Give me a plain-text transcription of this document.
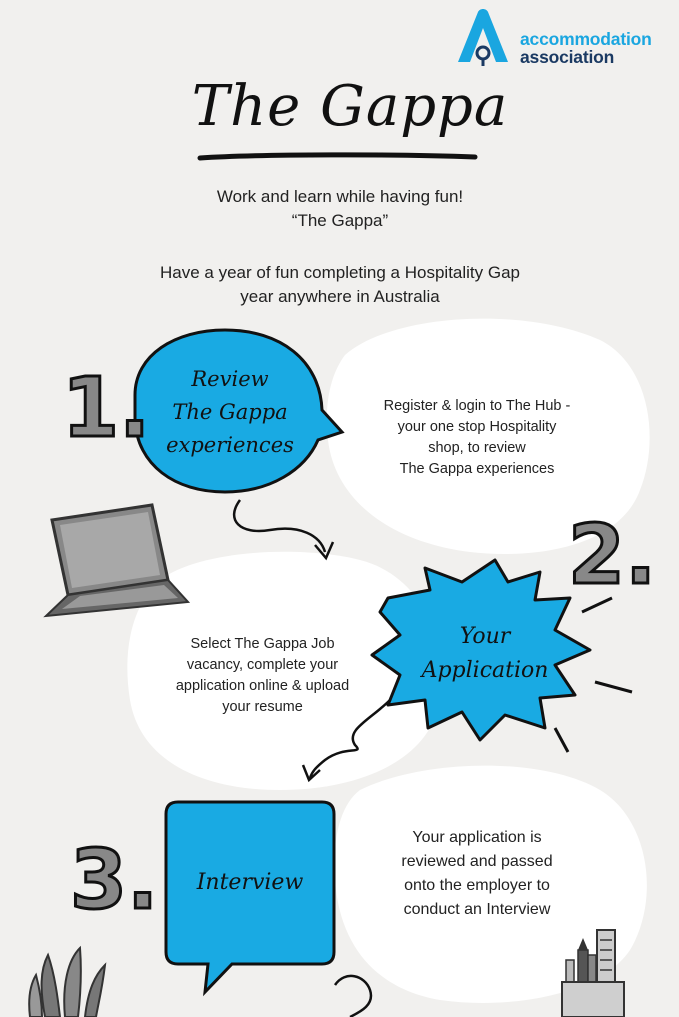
accommodation
association
The Gappa
Work and learn while having fun!
“The Gappa”
Have a year of fun completing a Hospitality Gap
year anywhere in Australia
1.	Review
The Gappa
experiences
Register & login to The Hub -
your one stop Hospitality
shop, to review
The Gappa experiences
2.
Your
Application
Select The Gappa Job
vacancy, complete your
application online & upload
your resume
3.	Interview
Your application is
reviewed and passed
onto the employer to
conduct an Interview
